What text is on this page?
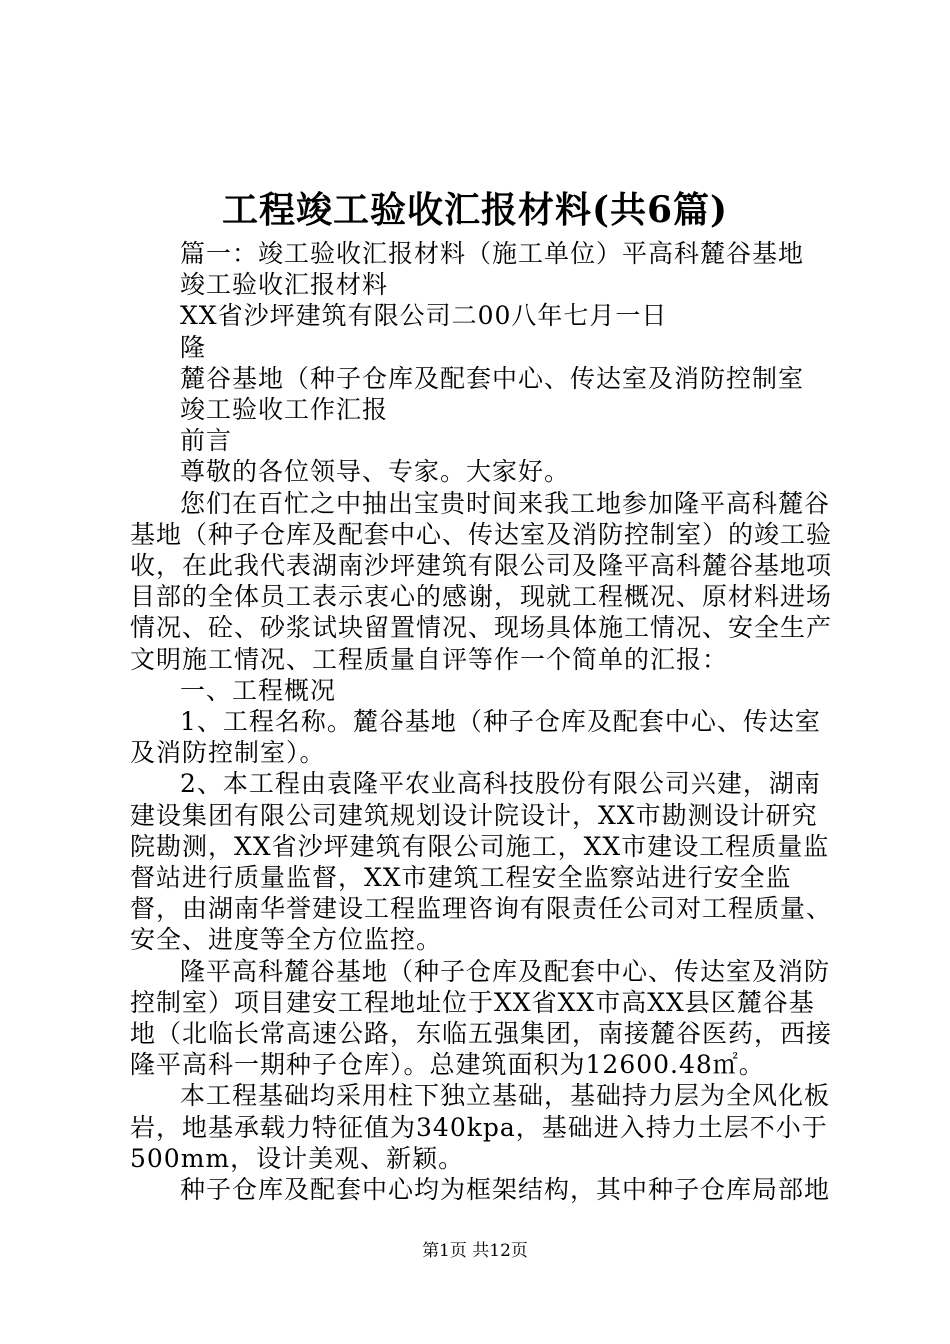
工程竣工验收汇报材料(共6篇)

篇一：竣工验收汇报材料（施工单位）平高科麓谷基地

竣工验收汇报材料

XX省沙坪建筑有限公司二00八年七月一日

隆

麓谷基地（种子仓库及配套中心、传达室及消防控制室

竣工验收工作汇报

前言

尊敬的各位领导、专家。大家好。

您们在百忙之中抽出宝贵时间来我工地参加隆平高科麓谷基地（种子仓库及配套中心、传达室及消防控制室）的竣工验收，在此我代表湖南沙坪建筑有限公司及隆平高科麓谷基地项目部的全体员工表示衷心的感谢，现就工程概况、原材料进场情况、砼、砂浆试块留置情况、现场具体施工情况、安全生产文明施工情况、工程质量自评等作一个简单的汇报：

一、工程概况

1、工程名称。麓谷基地（种子仓库及配套中心、传达室及消防控制室）。

2、本工程由袁隆平农业高科技股份有限公司兴建，湖南建设集团有限公司建筑规划设计院设计，XX市勘测设计研究院勘测，XX省沙坪建筑有限公司施工，XX市建设工程质量监督站进行质量监督，XX市建筑工程安全监察站进行安全监督，由湖南华誉建设工程监理咨询有限责任公司对工程质量、安全、进度等全方位监控。

隆平高科麓谷基地（种子仓库及配套中心、传达室及消防控制室）项目建安工程地址位于XX省XX市高XX县区麓谷基地（北临长常高速公路，东临五强集团，南接麓谷医药，西接隆平高科一期种子仓库）。总建筑面积为12600.48㎡。

本工程基础均采用柱下独立基础，基础持力层为全风化板岩，地基承载力特征值为340kpa，基础进入持力土层不小于500mm，设计美观、新颖。

种子仓库及配套中心均为框架结构，其中种子仓库局部地

第1页 共12页
